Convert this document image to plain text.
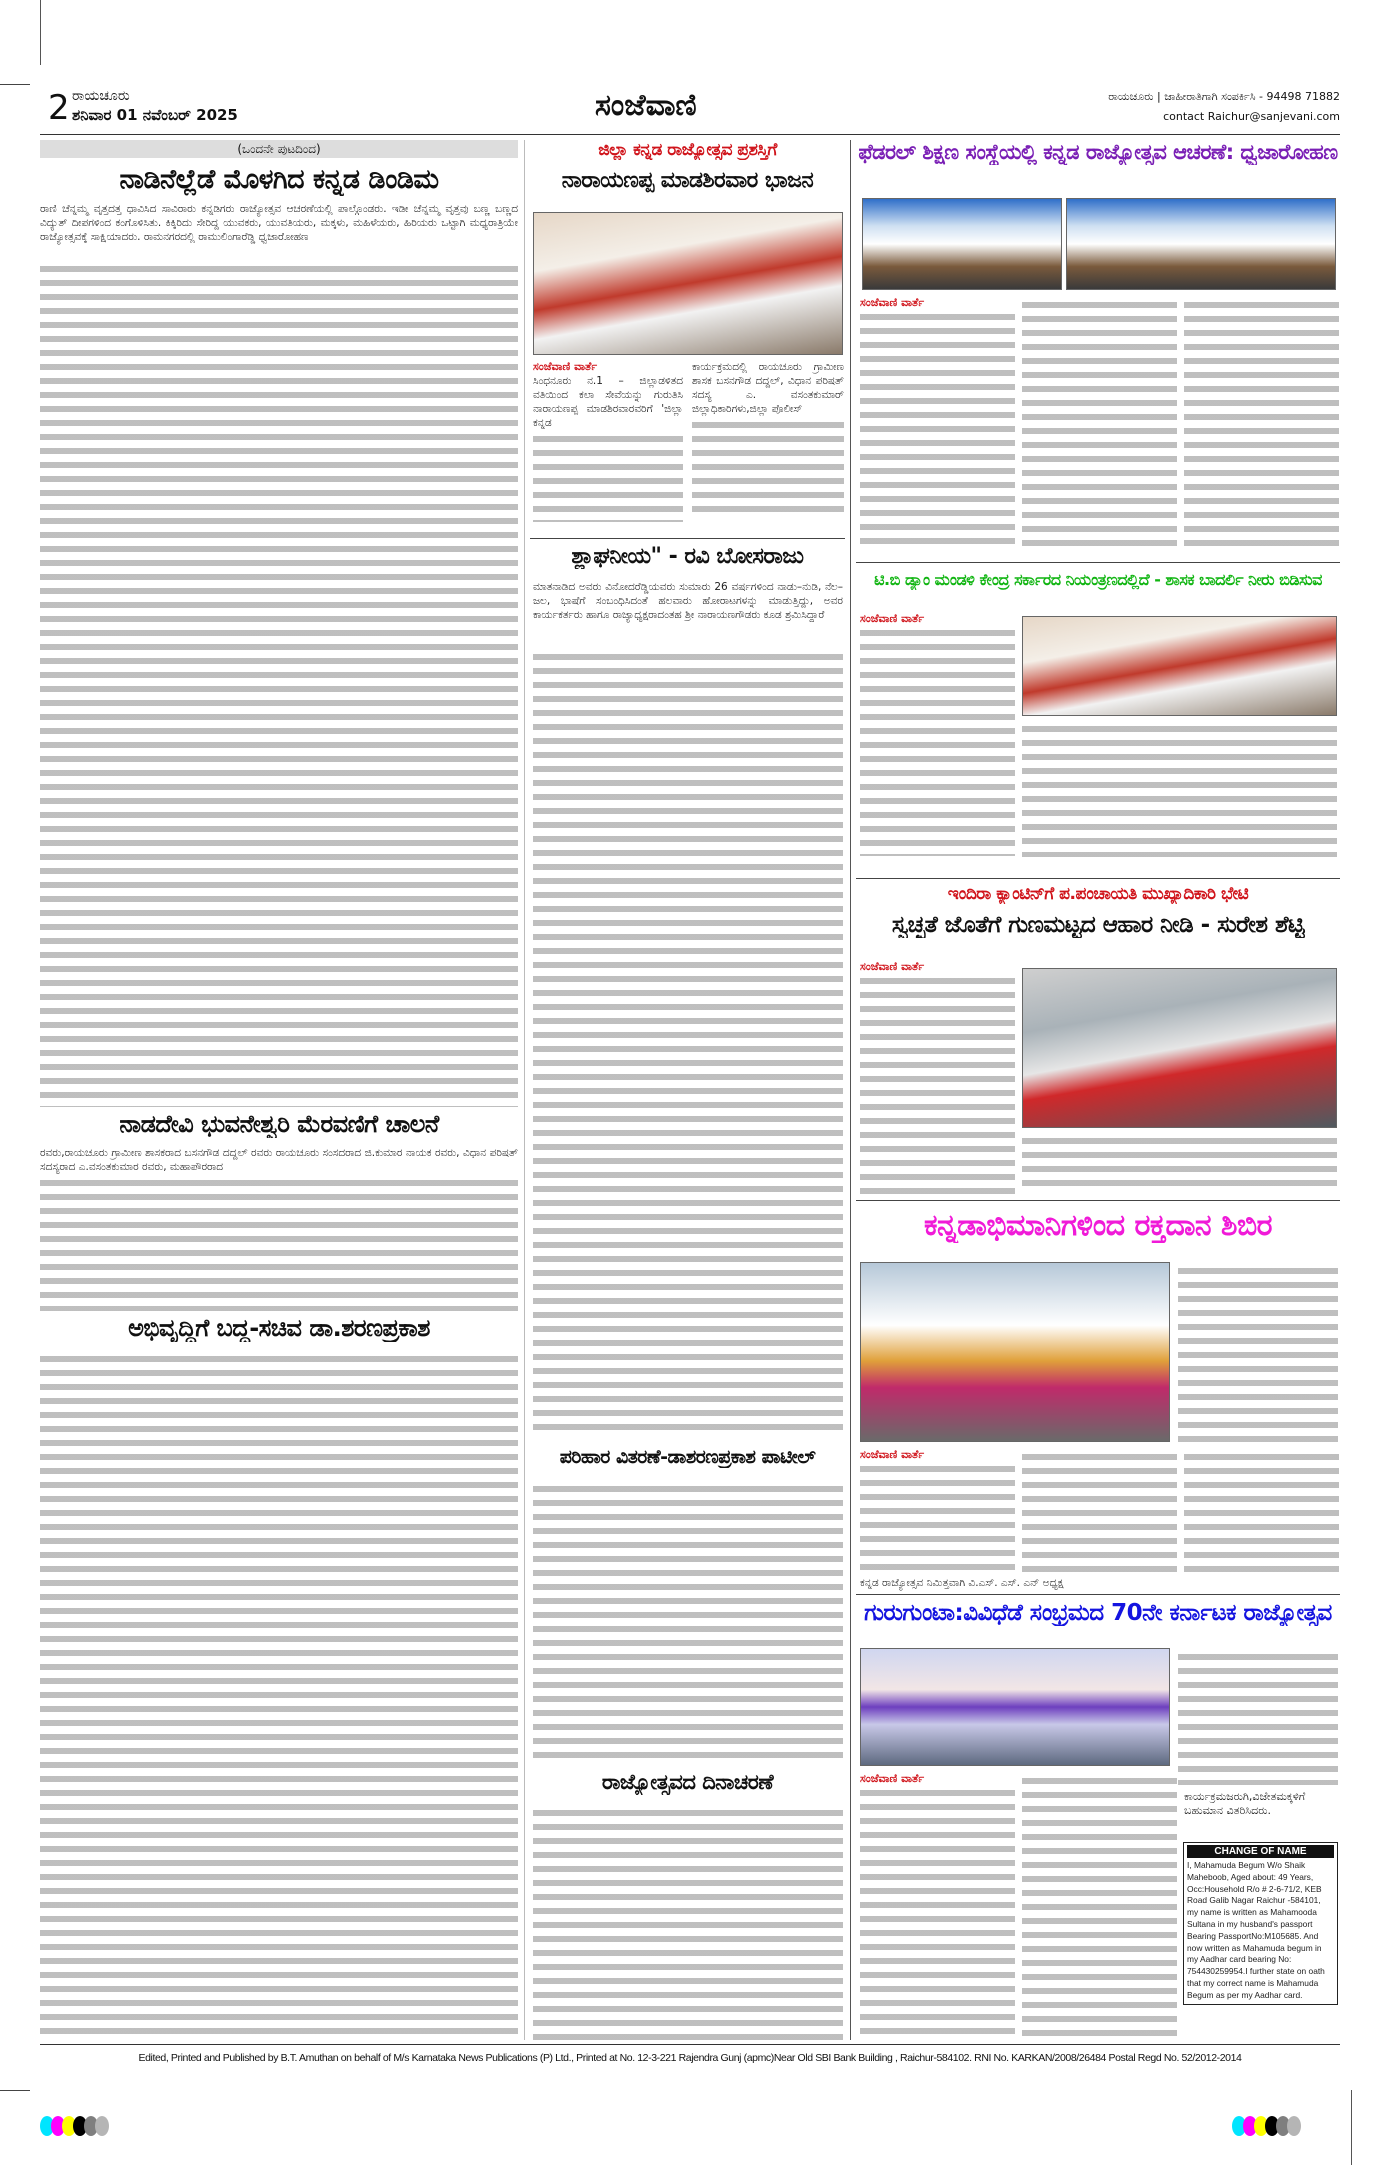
2 ರಾಯಚೂರು
ಶನಿವಾರ 01 ನವೆಂಬರ್ 2025	ಸಂಜೆವಾಣಿ	ರಾಯಚೂರು | ಜಾಹೀರಾತಿಗಾಗಿ ಸಂಪರ್ಕಿಸಿ - 94498 71882
contact Raichur@sanjevani.com
(ಒಂದನೇ ಪುಟದಿಂದ)
ನಾಡಿನೆಲ್ಲೆಡೆ ಮೊಳಗಿದ ಕನ್ನಡ ಡಿಂಡಿಮ
ರಾಣಿ ಚೆನ್ನಮ್ಮ ವೃತ್ತದತ್ತ ಧಾವಿಸಿದ ಸಾವಿರಾರು ಕನ್ನಡಿಗರು ರಾಜ್ಯೋತ್ಸವ ಆಚರಣೆಯಲ್ಲಿ ಪಾಲ್ಗೊಂಡರು. ಇಡೀ ಚೆನ್ನಮ್ಮ ವೃತ್ತವು ಬಣ್ಣ ಬಣ್ಣದ ವಿದ್ಯುತ್ ದೀಪಗಳಿಂದ ಕಂಗೊಳಿಸಿತು. ಕಿಕ್ಕಿರಿದು ಸೇರಿದ್ದ ಯುವಕರು, ಯುವತಿಯರು, ಮಕ್ಕಳು, ಮಹಿಳೆಯರು, ಹಿರಿಯರು ಒಟ್ಟಾಗಿ ಮಧ್ಯರಾತ್ರಿಯೇ ರಾಜ್ಯೋತ್ಸವಕ್ಕೆ ಸಾಕ್ಷಿಯಾದರು. ರಾಮನಗರದಲ್ಲಿ ರಾಮುಲಿಂಗಾರೆಡ್ಡಿ ಧ್ವಜಾರೋಹಣ
ನಾಡದೇವಿ ಭುವನೇಶ್ವರಿ ಮೆರವಣಿಗೆ ಚಾಲನೆ
ರವರು,ರಾಯಚೂರು ಗ್ರಾಮೀಣ ಶಾಸಕರಾದ ಬಸನಗೌಡ ದದ್ದಲ್ ರವರು ರಾಯಚೂರು ಸಂಸದರಾದ ಜಿ.ಕುಮಾರ ನಾಯಕ ರವರು, ವಿಧಾನ ಪರಿಷತ್ ಸದಸ್ಯರಾದ ಎ.ವಸಂತಕುಮಾರ ರವರು, ಮಹಾಪೌರರಾದ
ಅಭಿವೃದ್ಧಿಗೆ ಬದ್ಧ-ಸಚಿವ ಡಾ.ಶರಣಪ್ರಕಾಶ
ಜಿಲ್ಲಾ ಕನ್ನಡ ರಾಜ್ಯೋತ್ಸವ ಪ್ರಶಸ್ತಿಗೆ
ನಾರಾಯಣಪ್ಪ ಮಾಡಶಿರವಾರ ಭಾಜನ
ಸಂಜೆವಾಣಿ ವಾರ್ತೆ
ಸಿಂಧನೂರು ನ.1 – ಜಿಲ್ಲಾಡಳಿತದ ವತಿಯಿಂದ ಕಲಾ ಸೇವೆಯನ್ನು ಗುರುತಿಸಿ ನಾರಾಯಣಪ್ಪ ಮಾಡಶಿರವಾರವರಿಗೆ 'ಜಿಲ್ಲಾ ಕನ್ನಡ
ಕಾರ್ಯಕ್ರಮದಲ್ಲಿ ರಾಯಚೂರು ಗ್ರಾಮೀಣ ಶಾಸಕ ಬಸನಗೌಡ ದದ್ದಲ್, ವಿಧಾನ ಪರಿಷತ್ ಸದಸ್ಯ ಎ. ವಸಂತಕುಮಾರ್ ಜಿಲ್ಲಾಧಿಕಾರಿಗಳು,ಜಿಲ್ಲಾ ಪೊಲೀಸ್
ಶ್ಲಾಘನೀಯ" - ರವಿ ಬೋಸರಾಜು
ಮಾತನಾಡಿದ ಅವರು ವಿನೋದರೆಡ್ಡಿಯವರು ಸುಮಾರು 26 ವರ್ಷಗಳಿಂದ ನಾಡು–ನುಡಿ, ನೆಲ–ಜಲ, ಭಾಷೆಗೆ ಸಂಬಂಧಿಸಿದಂತೆ ಹಲವಾರು ಹೋರಾಟಗಳನ್ನು ಮಾಡುತ್ತಿದ್ದು, ಅವರ ಕಾರ್ಯಕರ್ತರು ಹಾಗೂ ರಾಜ್ಯಾಧ್ಯಕ್ಷರಾದಂತಹ ಶ್ರೀ ನಾರಾಯಣಗೌಡರು ಕೂಡ ಶ್ರಮಿಸಿದ್ದಾರೆ
ಪರಿಹಾರ ವಿತರಣೆ-ಡಾಶರಣಪ್ರಕಾಶ ಪಾಟೀಲ್
ರಾಜ್ಯೋತ್ಸವದ ದಿನಾಚರಣೆ
ಫೆಡರಲ್ ಶಿಕ್ಷಣ ಸಂಸ್ಥೆಯಲ್ಲಿ ಕನ್ನಡ ರಾಜ್ಯೋತ್ಸವ ಆಚರಣೆ: ಧ್ವಜಾರೋಹಣ
ಸಂಜೆವಾಣಿ ವಾರ್ತೆ
ಟಿ.ಬಿ ಡ್ಯಾಂ ಮಂಡಳಿ ಕೇಂದ್ರ ಸರ್ಕಾರದ ನಿಯಂತ್ರಣದಲ್ಲಿದೆ - ಶಾಸಕ ಬಾದರ್ಲಿ ನೀರು ಬಿಡಿಸುವ
ಸಂಜೆವಾಣಿ ವಾರ್ತೆ
ಇಂದಿರಾ ಕ್ಯಾಂಟಿನ್‌ಗೆ ಪ.ಪಂಚಾಯತಿ ಮುಖ್ಯಾದಿಕಾರಿ ಭೇಟಿ
ಸ್ವಚ್ಛತೆ ಜೊತೆಗೆ ಗುಣಮಟ್ಟದ ಆಹಾರ ನೀಡಿ - ಸುರೇಶ ಶೆಟ್ಟಿ
ಸಂಜೆವಾಣಿ ವಾರ್ತೆ
ಕನ್ನಡಾಭಿಮಾನಿಗಳಿಂದ ರಕ್ತದಾನ ಶಿಬಿರ
ಸಂಜೆವಾಣಿ ವಾರ್ತೆ
ಕನ್ನಡ ರಾಜ್ಯೋತ್ಸವ ನಿಮಿತ್ತವಾಗಿ ವಿ.ಎಸ್. ಎಸ್. ಎನ್ ಅಧ್ಯಕ್ಷ
ಗುರುಗುಂಟಾ:ವಿವಿಧೆಡೆ ಸಂಭ್ರಮದ 70ನೇ ಕರ್ನಾಟಕ ರಾಜ್ಯೋತ್ಸವ
ಸಂಜೆವಾಣಿ ವಾರ್ತೆ
ಕಾರ್ಯಕ್ರಮಜರುಗಿ,ವಿಜೇತಮಕ್ಕಳಿಗೆ ಬಹುಮಾನ ವಿತರಿಸಿದರು.
CHANGE OF NAME
I, Mahamuda Begum W/o Shaik Maheboob, Aged about: 49 Years, Occ:Household R/o # 2-6-71/2, KEB Road Galib Nagar Raichur -584101, my name is written as Mahamooda Sultana in my husband's passport Bearing PassportNo:M105685. And now written as Mahamuda begum in my Aadhar card bearing No: 754430259954.I further state on oath that my correct name is Mahamuda Begum as per my Aadhar card.
Edited, Printed and Published by B.T. Amuthan on behalf of M/s Karnataka News Publications (P) Ltd., Printed at No. 12-3-221 Rajendra Gunj (apmc)Near Old SBI Bank Building , Raichur-584102. RNI No. KARKAN/2008/26484 Postal Regd No. 52/2012-2014
